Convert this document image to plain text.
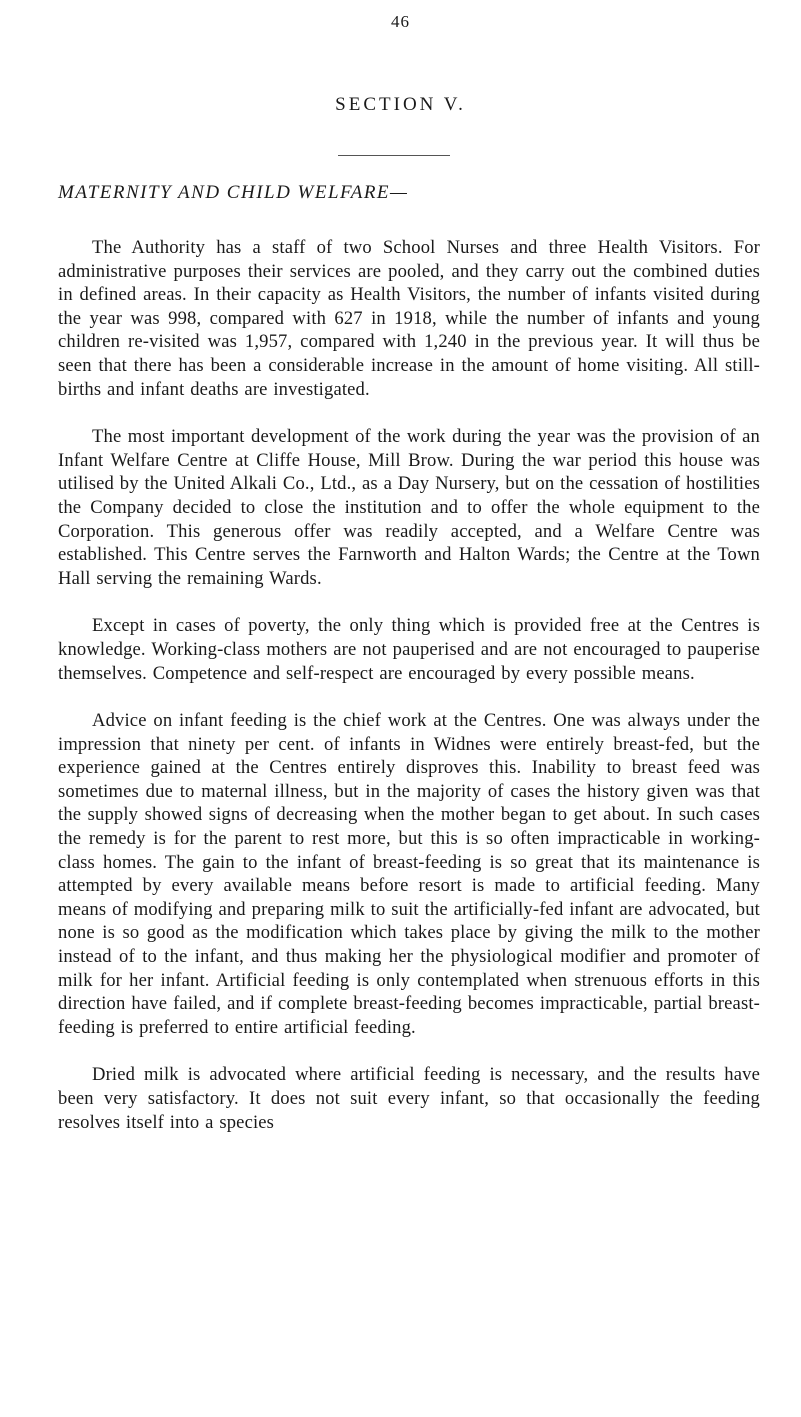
46
SECTION V.
MATERNITY AND CHILD WELFARE—

The Authority has a staff of two School Nurses and three Health Visitors. For administrative purposes their services are pooled, and they carry out the combined duties in defined areas. In their capacity as Health Visitors, the number of infants visited during the year was 998, compared with 627 in 1918, while the number of infants and young children re-visited was 1,957, compared with 1,240 in the previous year. It will thus be seen that there has been a considerable increase in the amount of home visiting. All still-births and infant deaths are investigated.

The most important development of the work during the year was the provision of an Infant Welfare Centre at Cliffe House, Mill Brow. During the war period this house was utilised by the United Alkali Co., Ltd., as a Day Nursery, but on the cessation of hostilities the Company decided to close the institution and to offer the whole equipment to the Corporation. This generous offer was readily accepted, and a Welfare Centre was established. This Centre serves the Farnworth and Halton Wards; the Centre at the Town Hall serving the remaining Wards.

Except in cases of poverty, the only thing which is provided free at the Centres is knowledge. Working-class mothers are not pauperised and are not encouraged to pauperise themselves. Competence and self-respect are encouraged by every possible means.

Advice on infant feeding is the chief work at the Centres. One was always under the impression that ninety per cent. of infants in Widnes were entirely breast-fed, but the experience gained at the Centres entirely disproves this. Inability to breast feed was sometimes due to maternal illness, but in the majority of cases the history given was that the supply showed signs of decreasing when the mother began to get about. In such cases the remedy is for the parent to rest more, but this is so often impracticable in working-class homes. The gain to the infant of breast-feeding is so great that its maintenance is attempted by every available means before resort is made to artificial feeding. Many means of modifying and preparing milk to suit the artificially-fed infant are advocated, but none is so good as the modification which takes place by giving the milk to the mother instead of to the infant, and thus making her the physiological modifier and promoter of milk for her infant. Artificial feeding is only contemplated when strenuous efforts in this direction have failed, and if complete breast-feeding becomes impracticable, partial breast-feeding is preferred to entire artificial feeding.

Dried milk is advocated where artificial feeding is necessary, and the results have been very satisfactory. It does not suit every infant, so that occasionally the feeding resolves itself into a species
